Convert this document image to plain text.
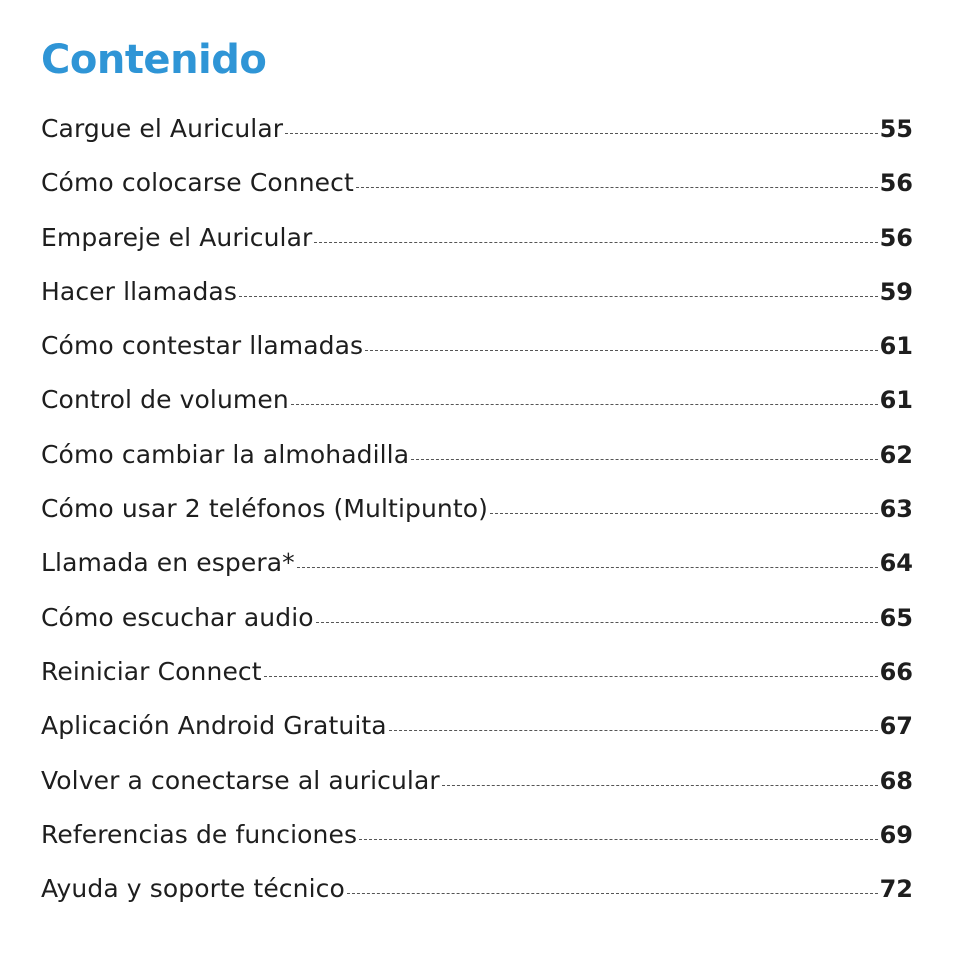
Contenido
Cargue el Auricular	55
Cómo colocarse Connect	56
Empareje el Auricular	56
Hacer llamadas	59
Cómo contestar llamadas	61
Control de volumen	61
Cómo cambiar la almohadilla	62
Cómo usar 2 teléfonos (Multipunto)	63
Llamada en espera*	64
Cómo escuchar audio	65
Reiniciar Connect	66
Aplicación Android Gratuita	67
Volver a conectarse al auricular	68
Referencias de funciones	69
Ayuda y soporte técnico	72
